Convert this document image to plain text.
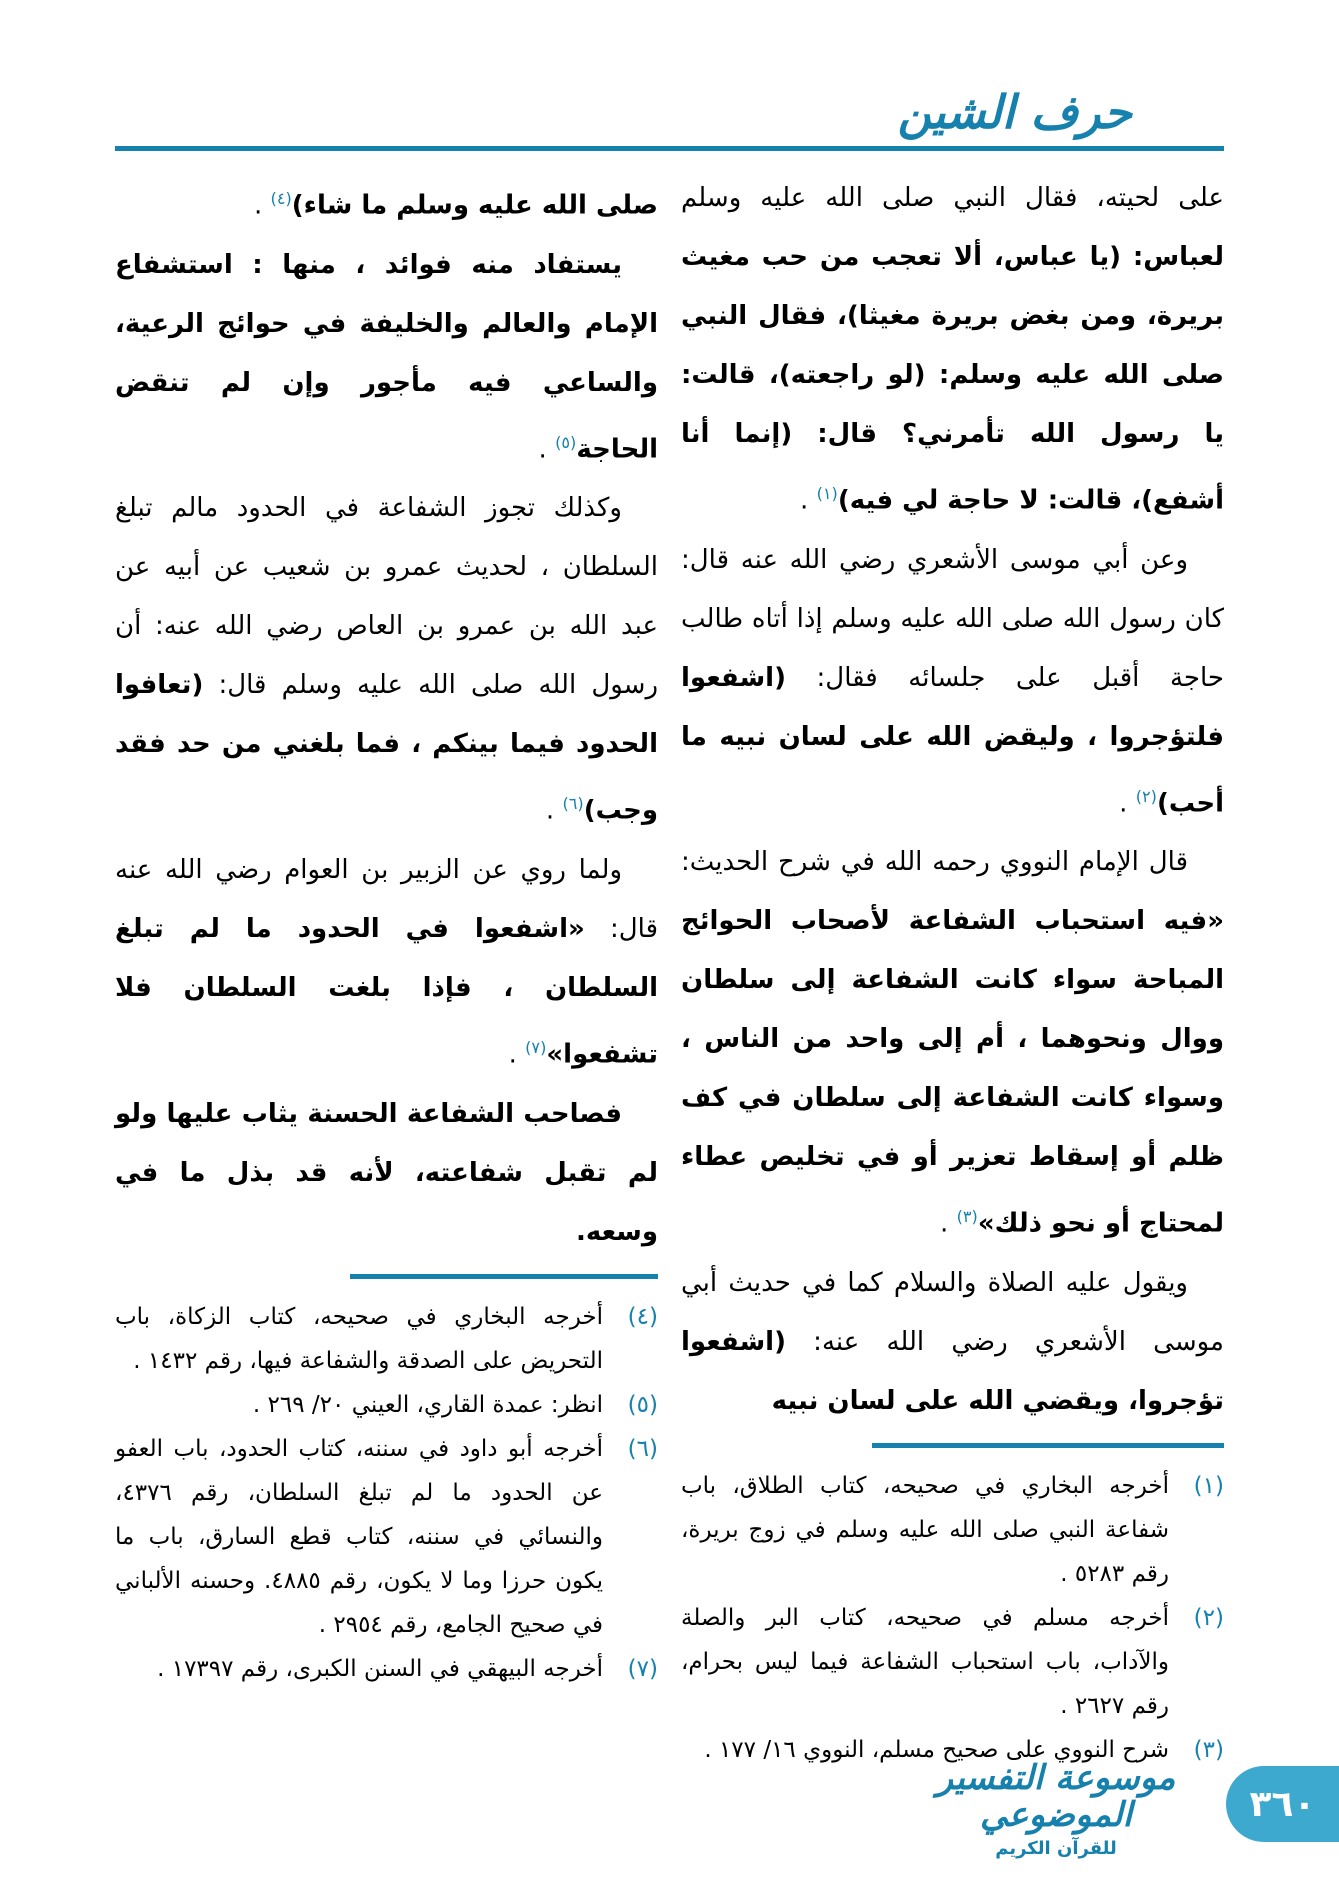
حرف الشين

على لحيته، فقال النبي صلى الله عليه وسلم لعباس: (يا عباس، ألا تعجب من حب مغيث بريرة، ومن بغض بريرة مغيثا)، فقال النبي صلى الله عليه وسلم: (لو راجعته)، قالت: يا رسول الله تأمرني؟ قال: (إنما أنا أشفع)، قالت: لا حاجة لي فيه)$^{(١)}$ .

وعن أبي موسى الأشعري رضي الله عنه قال: كان رسول الله صلى الله عليه وسلم إذا أتاه طالب حاجة أقبل على جلسائه فقال: (اشفعوا فلتؤجروا ، وليقض الله على لسان نبيه ما أحب)$^{(٢)}$ .

قال الإمام النووي رحمه الله في شرح الحديث: «فيه استحباب الشفاعة لأصحاب الحوائج المباحة سواء كانت الشفاعة إلى سلطان ووال ونحوهما ، أم إلى واحد من الناس ، وسواء كانت الشفاعة إلى سلطان في كف ظلم أو إسقاط تعزير أو في تخليص عطاء لمحتاج أو نحو ذلك»$^{(٣)}$ .

ويقول عليه الصلاة والسلام كما في حديث أبي موسى الأشعري رضي الله عنه: (اشفعوا تؤجروا، ويقضي الله على لسان نبيه

(١)أخرجه البخاري في صحيحه، كتاب الطلاق، باب شفاعة النبي صلى الله عليه وسلم في زوج بريرة، رقم ٥٢٨٣ .
(٢)أخرجه مسلم في صحيحه، كتاب البر والصلة والآداب، باب استحباب الشفاعة فيما ليس بحرام، رقم ٢٦٢٧ .
(٣)شرح النووي على صحيح مسلم، النووي ١٦/ ١٧٧ .

صلى الله عليه وسلم ما شاء)$^{(٤)}$ .

يستفاد منه فوائد ، منها : استشفاع الإمام والعالم والخليفة في حوائج الرعية، والساعي فيه مأجور وإن لم تنقض الحاجة$^{(٥)}$ .

وكذلك تجوز الشفاعة في الحدود مالم تبلغ السلطان ، لحديث عمرو بن شعيب عن أبيه عن عبد الله بن عمرو بن العاص رضي الله عنه: أن رسول الله صلى الله عليه وسلم قال: (تعافوا الحدود فيما بينكم ، فما بلغني من حد فقد وجب)$^{(٦)}$ .

ولما روي عن الزبير بن العوام رضي الله عنه قال: «اشفعوا في الحدود ما لم تبلغ السلطان ، فإذا بلغت السلطان فلا تشفعوا»$^{(٧)}$ .

فصاحب الشفاعة الحسنة يثاب عليها ولو لم تقبل شفاعته، لأنه قد بذل ما في وسعه.

(٤)أخرجه البخاري في صحيحه، كتاب الزكاة، باب التحريض على الصدقة والشفاعة فيها، رقم ١٤٣٢ .
(٥)انظر: عمدة القاري، العيني ٢٠/ ٢٦٩ .
(٦)أخرجه أبو داود في سننه، كتاب الحدود، باب العفو عن الحدود ما لم تبلغ السلطان، رقم ٤٣٧٦، والنسائي في سننه، كتاب قطع السارق، باب ما يكون حرزا وما لا يكون، رقم ٤٨٨٥. وحسنه الألباني في صحيح الجامع، رقم ٢٩٥٤ .
(٧)أخرجه البيهقي في السنن الكبرى، رقم ١٧٣٩٧ .
موسوعة التفسير الموضوعي
للقرآن الكريم
٣٦٠
